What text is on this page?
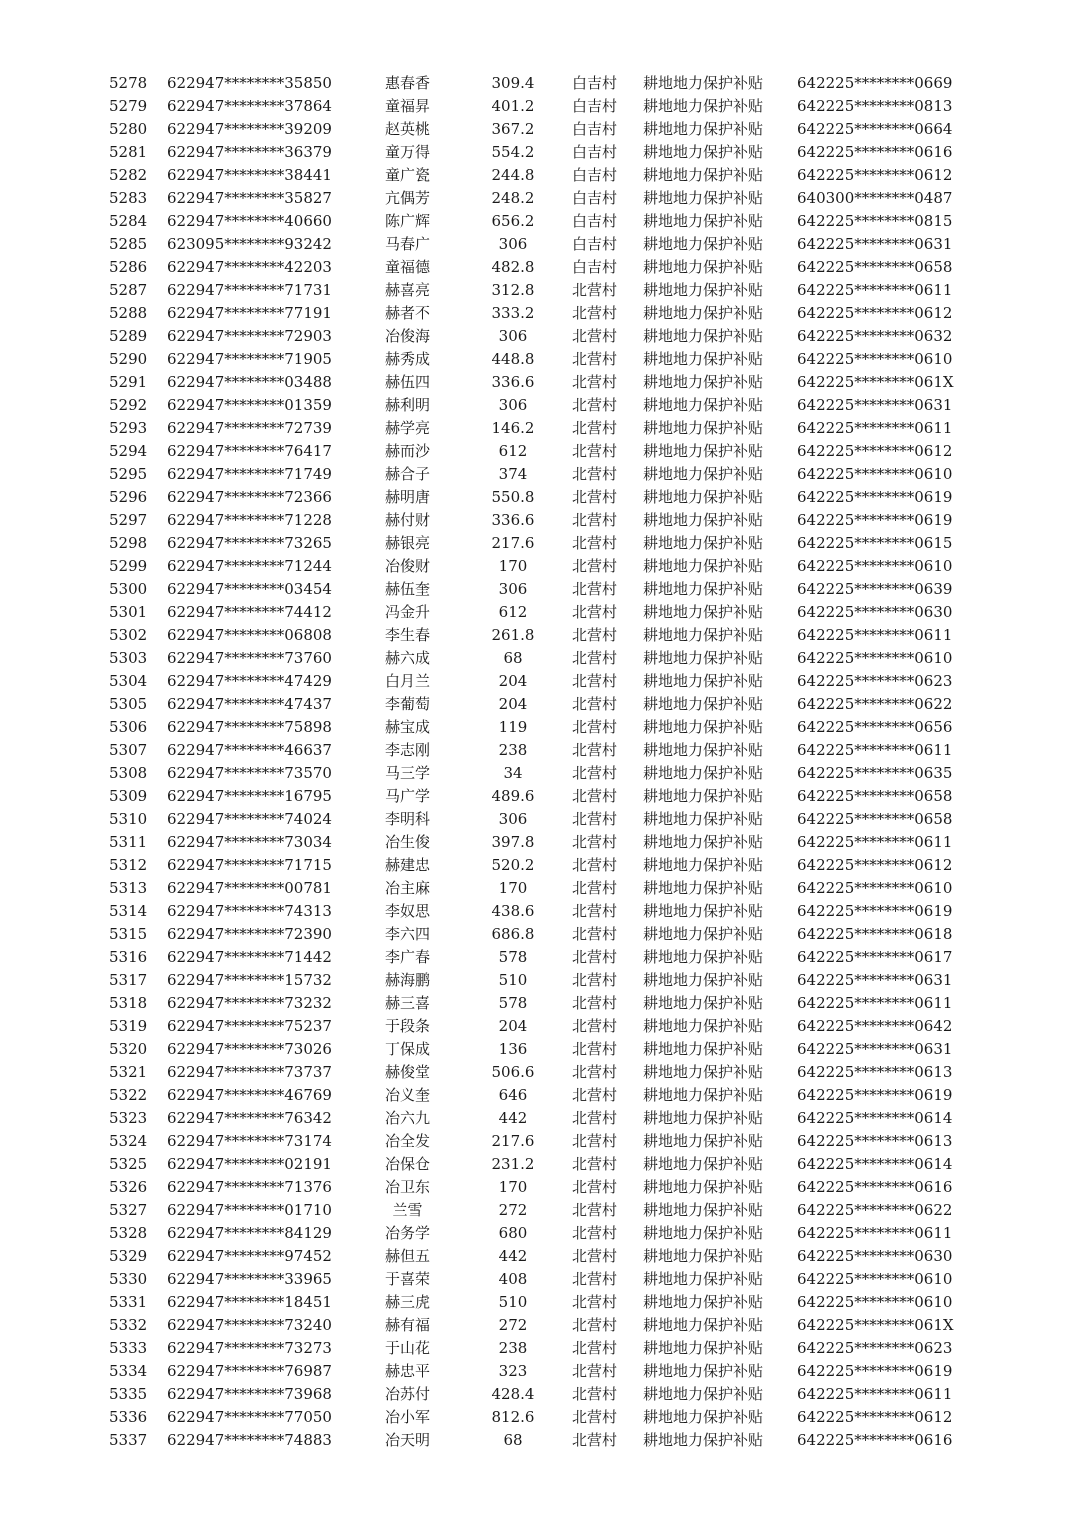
5278 622947********35850	惠春香	309.4	白吉村	耕地地力保护补贴	642225********0669
5279 622947********37864	童福昇	401.2	白吉村	耕地地力保护补贴	642225********0813
5280 622947********39209	赵英桃	367.2	白吉村	耕地地力保护补贴	642225********0664
5281 622947********36379	童万得	554.2	白吉村	耕地地力保护补贴	642225********0616
5282 622947********38441	童广瓷	244.8	白吉村	耕地地力保护补贴	642225********0612
5283 622947********35827	亢偶芳	248.2	白吉村	耕地地力保护补贴	640300********0487
5284 622947********40660	陈广辉	656.2	白吉村	耕地地力保护补贴	642225********0815
5285 623095********93242	马春广	306	白吉村	耕地地力保护补贴	642225********0631
5286 622947********42203	童福德	482.8	白吉村	耕地地力保护补贴	642225********0658
5287 622947********71731	赫喜亮	312.8	北营村	耕地地力保护补贴	642225********0611
5288 622947********77191	赫者不	333.2	北营村	耕地地力保护补贴	642225********0612
5289 622947********72903	冶俊海	306	北营村	耕地地力保护补贴	642225********0632
5290 622947********71905	赫秀成	448.8	北营村	耕地地力保护补贴	642225********0610
5291 622947********03488	赫伍四	336.6	北营村	耕地地力保护补贴	642225********061X
5292 622947********01359	赫利明	306	北营村	耕地地力保护补贴	642225********0631
5293 622947********72739	赫学亮	146.2	北营村	耕地地力保护补贴	642225********0611
5294 622947********76417	赫而沙	612	北营村	耕地地力保护补贴	642225********0612
5295 622947********71749	赫合子	374	北营村	耕地地力保护补贴	642225********0610
5296 622947********72366	赫明唐	550.8	北营村	耕地地力保护补贴	642225********0619
5297 622947********71228	赫付财	336.6	北营村	耕地地力保护补贴	642225********0619
5298 622947********73265	赫银亮	217.6	北营村	耕地地力保护补贴	642225********0615
5299 622947********71244	冶俊财	170	北营村	耕地地力保护补贴	642225********0610
5300 622947********03454	赫伍奎	306	北营村	耕地地力保护补贴	642225********0639
5301 622947********74412	冯金升	612	北营村	耕地地力保护补贴	642225********0630
5302 622947********06808	李生春	261.8	北营村	耕地地力保护补贴	642225********0611
5303 622947********73760	赫六成	68	北营村	耕地地力保护补贴	642225********0610
5304 622947********47429	白月兰	204	北营村	耕地地力保护补贴	642225********0623
5305 622947********47437	李葡萄	204	北营村	耕地地力保护补贴	642225********0622
5306 622947********75898	赫宝成	119	北营村	耕地地力保护补贴	642225********0656
5307 622947********46637	李志刚	238	北营村	耕地地力保护补贴	642225********0611
5308 622947********73570	马三学	34	北营村	耕地地力保护补贴	642225********0635
5309 622947********16795	马广学	489.6	北营村	耕地地力保护补贴	642225********0658
5310 622947********74024	李明科	306	北营村	耕地地力保护补贴	642225********0658
5311 622947********73034	冶生俊	397.8	北营村	耕地地力保护补贴	642225********0611
5312 622947********71715	赫建忠	520.2	北营村	耕地地力保护补贴	642225********0612
5313 622947********00781	冶主麻	170	北营村	耕地地力保护补贴	642225********0610
5314 622947********74313	李奴思	438.6	北营村	耕地地力保护补贴	642225********0619
5315 622947********72390	李六四	686.8	北营村	耕地地力保护补贴	642225********0618
5316 622947********71442	李广春	578	北营村	耕地地力保护补贴	642225********0617
5317 622947********15732	赫海鹏	510	北营村	耕地地力保护补贴	642225********0631
5318 622947********73232	赫三喜	578	北营村	耕地地力保护补贴	642225********0611
5319 622947********75237	于段条	204	北营村	耕地地力保护补贴	642225********0642
5320 622947********73026	丁保成	136	北营村	耕地地力保护补贴	642225********0631
5321 622947********73737	赫俊堂	506.6	北营村	耕地地力保护补贴	642225********0613
5322 622947********46769	冶义奎	646	北营村	耕地地力保护补贴	642225********0619
5323 622947********76342	冶六九	442	北营村	耕地地力保护补贴	642225********0614
5324 622947********73174	冶全发	217.6	北营村	耕地地力保护补贴	642225********0613
5325 622947********02191	冶保仓	231.2	北营村	耕地地力保护补贴	642225********0614
5326 622947********71376	冶卫东	170	北营村	耕地地力保护补贴	642225********0616
5327 622947********01710	兰雪	272	北营村	耕地地力保护补贴	642225********0622
5328 622947********84129	冶务学	680	北营村	耕地地力保护补贴	642225********0611
5329 622947********97452	赫但五	442	北营村	耕地地力保护补贴	642225********0630
5330 622947********33965	于喜荣	408	北营村	耕地地力保护补贴	642225********0610
5331 622947********18451	赫三虎	510	北营村	耕地地力保护补贴	642225********0610
5332 622947********73240	赫有福	272	北营村	耕地地力保护补贴	642225********061X
5333 622947********73273	于山花	238	北营村	耕地地力保护补贴	642225********0623
5334 622947********76987	赫忠平	323	北营村	耕地地力保护补贴	642225********0619
5335 622947********73968	冶苏付	428.4	北营村	耕地地力保护补贴	642225********0611
5336 622947********77050	冶小军	812.6	北营村	耕地地力保护补贴	642225********0612
5337 622947********74883	冶天明	68	北营村	耕地地力保护补贴	642225********0616
